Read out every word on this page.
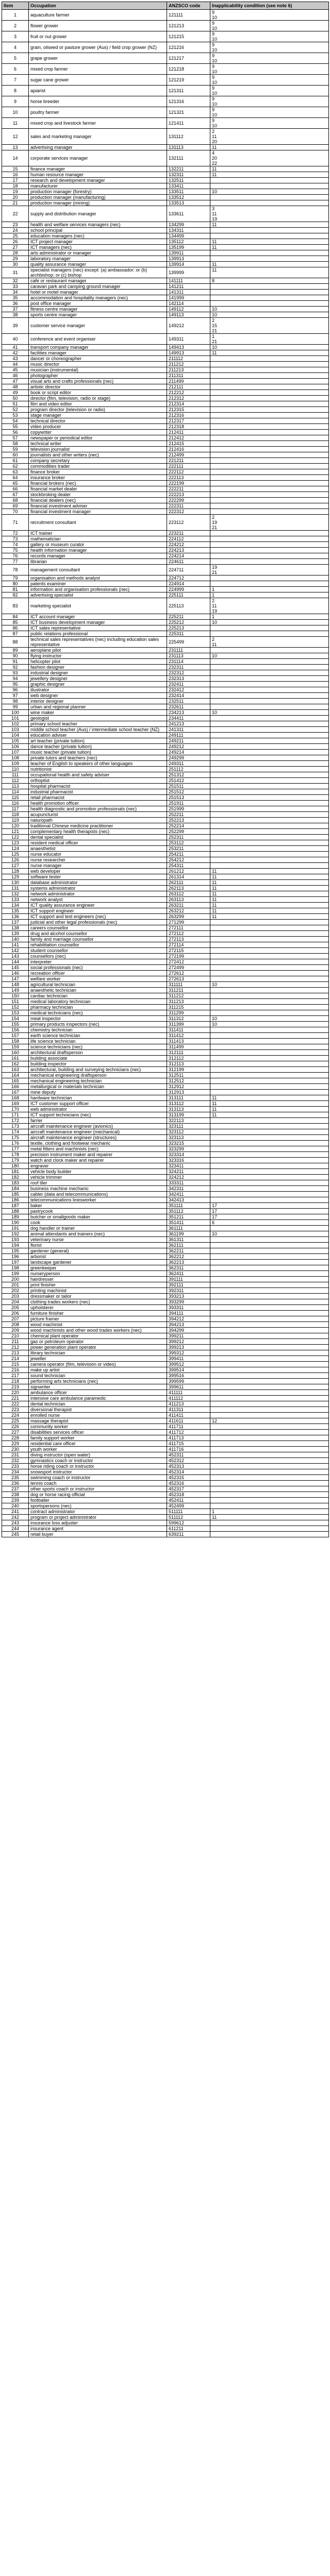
Item	Occupation	ANZSCO code	Inapplicability condition (see note 6)
1	aquaculture farmer	121111	9
10

2	flower grower	121213	9
10

3	fruit or nut grower	121215	9
10

4	grain, oilseed or pasture grower (Aus) / field crop grower (NZ)	121216	9
10

5	grape grower	121217	9
10

6	mixed crop farmer	121218	9
10

7	sugar cane grower	121219	9
10

8	apiarist	121311	9
10

9	horse breeder	121316	9
10

10	poultry farmer	121321	9
10

11	mixed crop and livestock farmer	121411	9
10

12	sales and marketing manager	131112	2
11
20

13	advertising manager	131113	11

14	corporate services manager	132111	4
20
22

15	finance manager	132211	11

16	human resource manager	132311	11

17	research and development manager	132511	
18	manufacturer	133411	
19	production manager (forestry)	133511	10

20	production manager (manufacturing)	133512	
21	production manager (mining)	133513	
22	supply and distribution manager	133611	3
11
19

23	health and welfare services managers (nec)	134299	11

24	school principal	134311	
25	education managers (nec)	134499	
26	ICT project manager	135112	11

27	ICT managers (nec)	135199	11

28	arts administrator or manager	139911	
29	laboratory manager	139913	
30	quality assurance manager	139914	11

31	specialist managers (nec) except: (a) ambassador; or (b) archbishop; or (c) bishop	139999	11

32	cafe or restaurant manager	141111	8

33	caravan park and camping ground manager	141211	
34	hotel or motel manager	141311	
35	accommodation and hospitality managers (nec)	141999	
36	post office manager	142114	
37	fitness centre manager	149112	10

38	sports centre manager	149113	10

39	customer service manager	149212	2
15
21

40	conference and event organiser	149311	1
21

41	transport company manager	149413	10

42	facilities manager	149913	11

43	dancer or choreographer	211112	
44	music director	211212	
45	musician (instrumental)	211213	
46	photographer	211311	
47	visual arts and crafts professionals (nec)	211499	
48	artistic director	212111	
49	book or script editor	212212	
50	director (film, television, radio or stage)	212312	
51	film and video editor	212314	
52	program director (television or radio)	212315	
53	stage manager	212316	
54	technical director	212317	
55	video producer	212318	
56	copywriter	212411	
57	newspaper or periodical editor	212412	
58	technical writer	212415	
59	television journalist	212416	
60	journalists and other writers (nec)	212499	
61	company secretary	221211	
62	commodities trader	222111	
63	finance broker	222112	
64	insurance broker	222113	
65	financial brokers (nec)	222199	
66	financial market dealer	222211	
67	stockbroking dealer	222213	
68	financial dealers (nec)	222299	
69	financial investment adviser	222311	
70	financial investment manager	222312	
71	recruitment consultant	223112	2
19
21

72	ICT trainer	223211	
73	mathematician	224112	
74	gallery or museum curator	224212	
75	health information manager	224213	
76	records manager	224214	
77	librarian	224611	
78	management consultant	224711	19
21

79	organisation and methods analyst	224712	
80	patents examiner	224914	
81	information and organisation professionals (nec)	224999	1

82	advertising specialist	225111	1

83	marketing specialist	225113	2
11
19

84	ICT account manager	225211	1

85	ICT business development manager	225212	10

86	ICT sales representative	225213	
87	public relations professional	225311	
88	technical sales representatives (nec) including education sales representative	225499	2
11

89	aeroplane pilot	231111	
90	flying instructor	231113	10

91	helicopter pilot	231114	
92	fashion designer	232311	
93	industrial designer	232312	
94	jewellery designer	232313	
95	graphic designer	232411	
96	illustrator	232412	
97	web designer	232414	
98	interior designer	232511	
99	urban and regional planner	232611	
100	wine maker	234213	10

101	geologist	234411	
102	primary school teacher	241213	
103	middle school teacher (Aus) / intermediate school teacher (NZ)	241311	
104	education adviser	249111	
105	art teacher (private tuition)	249211	
106	dance teacher (private tuition)	249212	
107	music teacher (private tuition)	249214	
108	private tutors and teachers (nec)	249299	
109	teacher of English to speakers of other languages	249311	
110	nutritionist	251112	
111	occupational health and safety adviser	251312	
112	orthoptist	251412	
113	hospital pharmacist	251511	
114	industrial pharmacist	251512	
115	retail pharmacist	251513	
116	health promotion officer	251911	
117	health diagnostic and promotion professionals (nec)	251999	
118	acupuncturist	252211	
119	naturopath	252213	
120	traditional Chinese medicine practitioner	252214	
121	complementary health therapists (nec)	252299	
122	dental specialist	252311	
123	resident medical officer	253112	
124	anaesthetist	253211	
125	nurse educator	254211	
126	nurse researcher	254212	
127	nurse manager	254311	
128	web developer	261212	11

129	software tester	261314	11

130	database administrator	262111	11

131	systems administrator	262113	11

132	network administrator	263112	11

133	network analyst	263113	11

134	ICT quality assurance engineer	263211	11

135	ICT support engineer	263212	11

136	ICT support and test engineers (nec)	263299	11

137	judicial and other legal professionals (nec)	271299	
138	careers counsellor	272111	
139	drug and alcohol counsellor	272112	
140	family and marriage counsellor	272113	
141	rehabilitation counsellor	272114	
142	student counsellor	272115	
143	counsellors (nec)	272199	
144	interpreter	272412	
145	social professionals (nec)	272499	
146	recreation officer	272612	
147	welfare worker	272613	
148	agricultural technician	311111	10

149	anaesthetic technician	311211	
150	cardiac technician	311212	
151	medical laboratory technician	311213	
152	pharmacy technician	311215	
153	medical technicians (nec)	311299	
154	meat inspector	311312	10

155	primary products inspectors (nec)	311399	10

156	chemistry technician	311411	
157	earth science technician	311412	
158	life science technician	311413	
159	science technicians (nec)	311499	
160	architectural draftsperson	312111	
161	building associate	312112	
162	building inspector	312113	
163	architectural, building and surveying technicians (nec)	312199	
164	mechanical engineering draftsperson	312511	
165	mechanical engineering technician	312512	
166	metallurgical or materials technician	312912	
167	mine deputy	312913	
168	hardware technician	313111	11

169	ICT customer support officer	313112	11

170	web administrator	313113	11

171	ICT support technicians (nec)	313199	11

172	farrier	322113	
173	aircraft maintenance engineer (avionics)	323111	
174	aircraft maintenance engineer (mechanical)	323112	
175	aircraft maintenance engineer (structures)	323113	
176	textile, clothing and footwear mechanic	323215	
177	metal fitters and machinists (nec)	323299	
178	precision instrument maker and repairer	323314	
179	watch and clock maker and repairer	323316	
180	engraver	323411	
181	vehicle body builder	324211	
182	vehicle trimmer	324212	
183	roof tiler	333311	
184	business machine mechanic	342311	
185	cabler (data and telecommunications)	342411	
186	telecommunications linesworker	342413	
187	baker	351111	17

188	pastrycook	351112	17

189	butcher or smallgoods maker	351211	17

190	cook	351411	6

191	dog handler or trainer	361111	
192	animal attendants and trainers (nec)	361199	10

193	veterinary nurse	361311	
194	florist	362111	
195	gardener (general)	362211	
196	arborist	362212	
197	landscape gardener	362213	
198	greenkeeper	362311	
199	nurseryperson	362411	
200	hairdresser	391111	
201	print finisher	392111	
202	printing machinist	392311	
203	dressmaker or tailor	393213	
204	clothing trades workers (nec)	393299	
205	upholsterer	393311	
206	furniture finisher	394111	
207	picture framer	394212	
208	wood machinist	394213	
209	wood machinists and other wood trades workers (nec)	394299	
210	chemical plant operator	399211	
211	gas or petroleum operator	399212	
212	power generation plant operator	399213	
213	library technician	399312	
214	jeweller	399411	
215	camera operator (film, television or video)	399512	
216	make up artist	399514	
217	sound technician	399516	
218	performing arts technicians (nec)	399599	
219	signwriter	399611	
220	ambulance officer	411111	
221	intensive care ambulance paramedic	411112	
222	dental technician	411213	
223	diversional therapist	411311	
224	enrolled nurse	411411	
225	massage therapist	411611	12

226	community worker	411711	
227	disabilities services officer	411712	
228	family support worker	411713	
229	residential care officer	411715	
230	youth worker	411716	
231	diving instructor (open water)	452311	
232	gymnastics coach or instructor	452312	
233	horse riding coach or instructor	452313	
234	snowsport instructor	452314	
235	swimming coach or instructor	452315	
236	tennis coach	452316	
237	other sports coach or instructor	452317	
238	dog or horse racing official	452318	
239	footballer	452411	
240	sportspersons (nec)	452499	
241	contract administrator	511111	1

242	program or project administrator	511112	11

243	insurance loss adjuster	599612	
244	insurance agent	611211	
245	retail buyer	639211	
